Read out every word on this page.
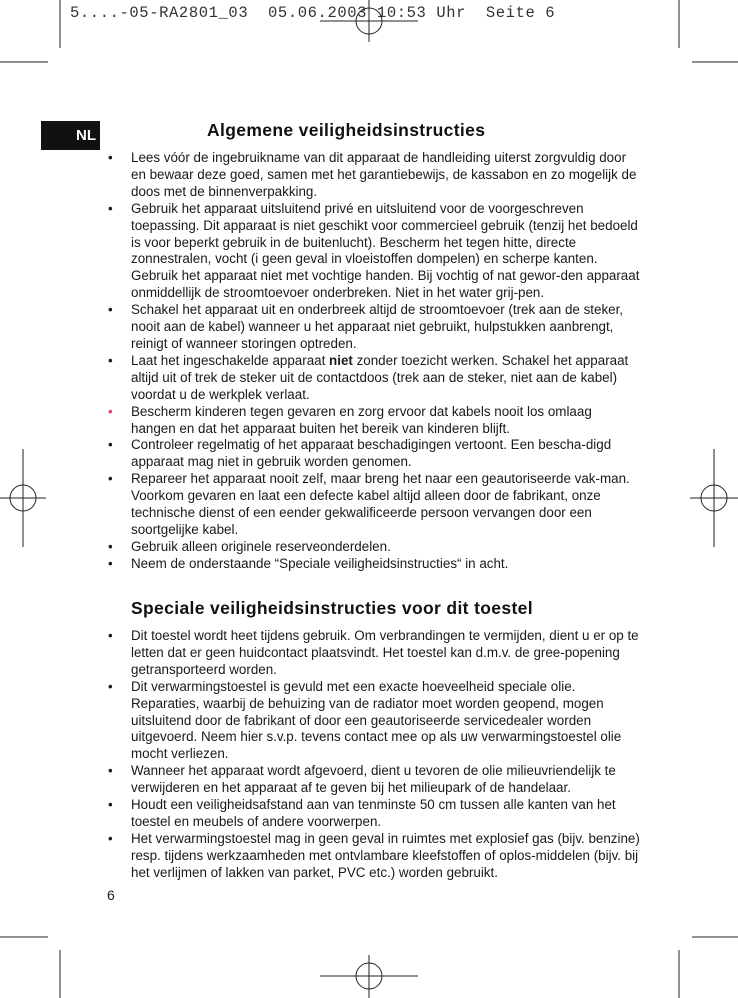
5....-05-RA2801_03  05.06.2003 10:53 Uhr  Seite 6
NL	Algemene veiligheidsinstructies
• Lees vóór de ingebruikname van dit apparaat de handleiding uiterst zorgvuldig door en bewaar deze goed, samen met het garantiebewijs, de kassabon en zo mogelijk de doos met de binnenverpakking.
• Gebruik het apparaat uitsluitend privé en uitsluitend voor de voorgeschreven toepassing. Dit apparaat is niet geschikt voor commercieel gebruik (tenzij het bedoeld is voor beperkt gebruik in de buitenlucht). Bescherm het tegen hitte, directe zonnestralen, vocht (i geen geval in vloeistoffen dompelen) en scherpe kanten. Gebruik het apparaat niet met vochtige handen. Bij vochtig of nat gewor-den apparaat onmiddellijk de stroomtoevoer onderbreken. Niet in het water grij-pen.
• Schakel het apparaat uit en onderbreek altijd de stroomtoevoer (trek aan de steker, nooit aan de kabel) wanneer u het apparaat niet gebruikt, hulpstukken aanbrengt, reinigt of wanneer storingen optreden.
• Laat het ingeschakelde apparaat niet zonder toezicht werken. Schakel het apparaat altijd uit of trek de steker uit de contactdoos (trek aan de steker, niet aan de kabel) voordat u de werkplek verlaat.
• Bescherm kinderen tegen gevaren en zorg ervoor dat kabels nooit los omlaag hangen en dat het apparaat buiten het bereik van kinderen blijft.
• Controleer regelmatig of het apparaat beschadigingen vertoont. Een bescha-digd apparaat mag niet in gebruik worden genomen.
• Repareer het apparaat nooit zelf, maar breng het naar een geautoriseerde vak-man. Voorkom gevaren en laat een defecte kabel altijd alleen door de fabrikant, onze technische dienst of een eender gekwalificeerde persoon vervangen door een soortgelijke kabel.
• Gebruik alleen originele reserveonderdelen.
• Neem de onderstaande “Speciale veiligheidsinstructies“ in acht.
Speciale veiligheidsinstructies voor dit toestel
• Dit toestel wordt heet tijdens gebruik. Om verbrandingen te vermijden, dient u er op te letten dat er geen huidcontact plaatsvindt. Het toestel kan d.m.v. de gree-popening getransporteerd worden.
• Dit verwarmingstoestel is gevuld met een exacte hoeveelheid speciale olie. Reparaties, waarbij de behuizing van de radiator moet worden geopend, mogen uitsluitend door de fabrikant of door een geautoriseerde servicedealer worden uitgevoerd. Neem hier s.v.p. tevens contact mee op als uw verwarmingstoestel olie mocht verliezen.
• Wanneer het apparaat wordt afgevoerd, dient u tevoren de olie milieuvriendelijk te verwijderen en het apparaat af te geven bij het milieupark of de handelaar.
• Houdt een veiligheidsafstand aan van tenminste 50 cm tussen alle kanten van het toestel en meubels of andere voorwerpen.
• Het verwarmingstoestel mag in geen geval in ruimtes met explosief gas (bijv. benzine) resp. tijdens werkzaamheden met ontvlambare kleefstoffen of oplos-middelen (bijv. bij het verlijmen of lakken van parket, PVC etc.) worden gebruikt.
6
